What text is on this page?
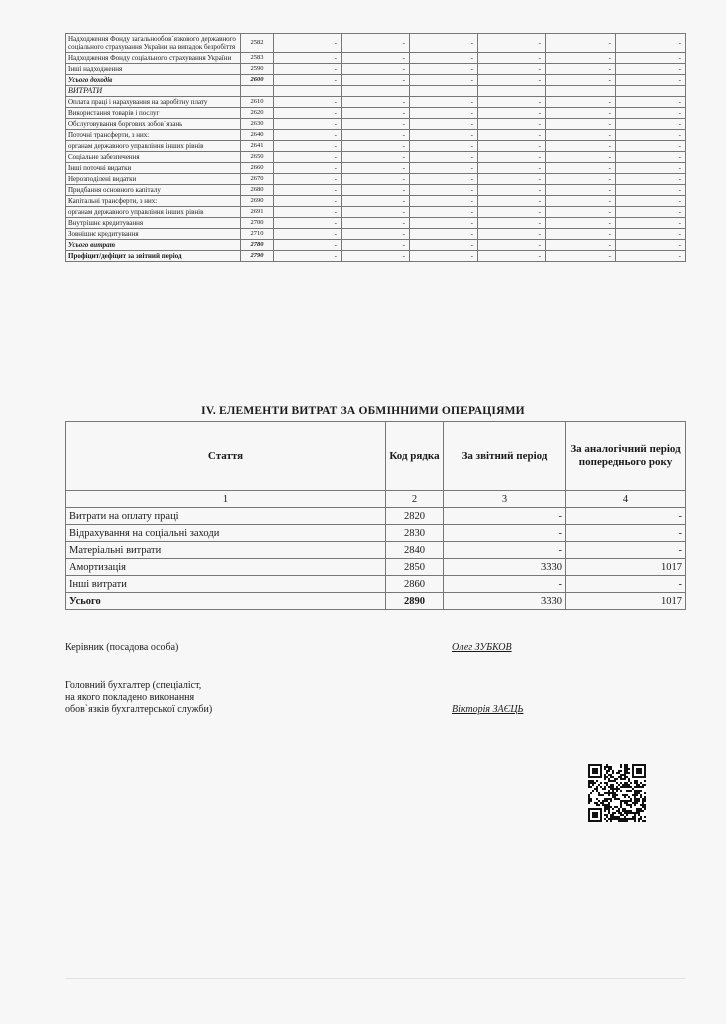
Надходження Фонду загальнообов`язкового державного соціального страхування України на випадок безробіття	2582	-	-	-	-	-	-
Надходження Фонду соціального страхування України	2583	-	-	-	-	-	-
Інші надходження	2590	-	-	-	-	-	-
Усього доходів	2600	-	-	-	-	-	-
ВИТРАТИ							
Оплата праці і нарахування на заробітну плату	2610	-	-	-	-	-	-
Використання товарів і послуг	2620	-	-	-	-	-	-
Обслуговування боргових зобов`язань	2630	-	-	-	-	-	-
Поточні трансферти, з них:	2640	-	-	-	-	-	-
органам державного управління інших рівнів	2641	-	-	-	-	-	-
Соціальне забезпечення	2650	-	-	-	-	-	-
Інші поточні видатки	2660	-	-	-	-	-	-
Нерозподілені видатки	2670	-	-	-	-	-	-
Придбання основного капіталу	2680	-	-	-	-	-	-
Капітальні трансферти, з них:	2690	-	-	-	-	-	-
органам державного управління інших рівнів	2691	-	-	-	-	-	-
Внутрішнє кредитування	2700	-	-	-	-	-	-
Зовнішнє кредитування	2710	-	-	-	-	-	-
Усього витрат	2780	-	-	-	-	-	-
Профіцит/дефіцит за звітний період	2790	-	-	-	-	-	-
IV. ЕЛЕМЕНТИ ВИТРАТ ЗА ОБМІННИМИ ОПЕРАЦІЯМИ
Стаття	Код рядка	За звітний період	За аналогічний період попереднього року
1	2	3	4
Витрати на оплату праці	2820	-	-
Відрахування на соціальні заходи	2830	-	-
Матеріальні витрати	2840	-	-
Амортизація	2850	3330	1017
Інші витрати	2860	-	-
Усього	2890	3330	1017
Керівник (посадова особа)	Олег ЗУБКОВ
Головний бухгалтер (спеціаліст,
на якого покладено виконання
обов`язків бухгалтерської служби)	Вікторія ЗАЄЦЬ
